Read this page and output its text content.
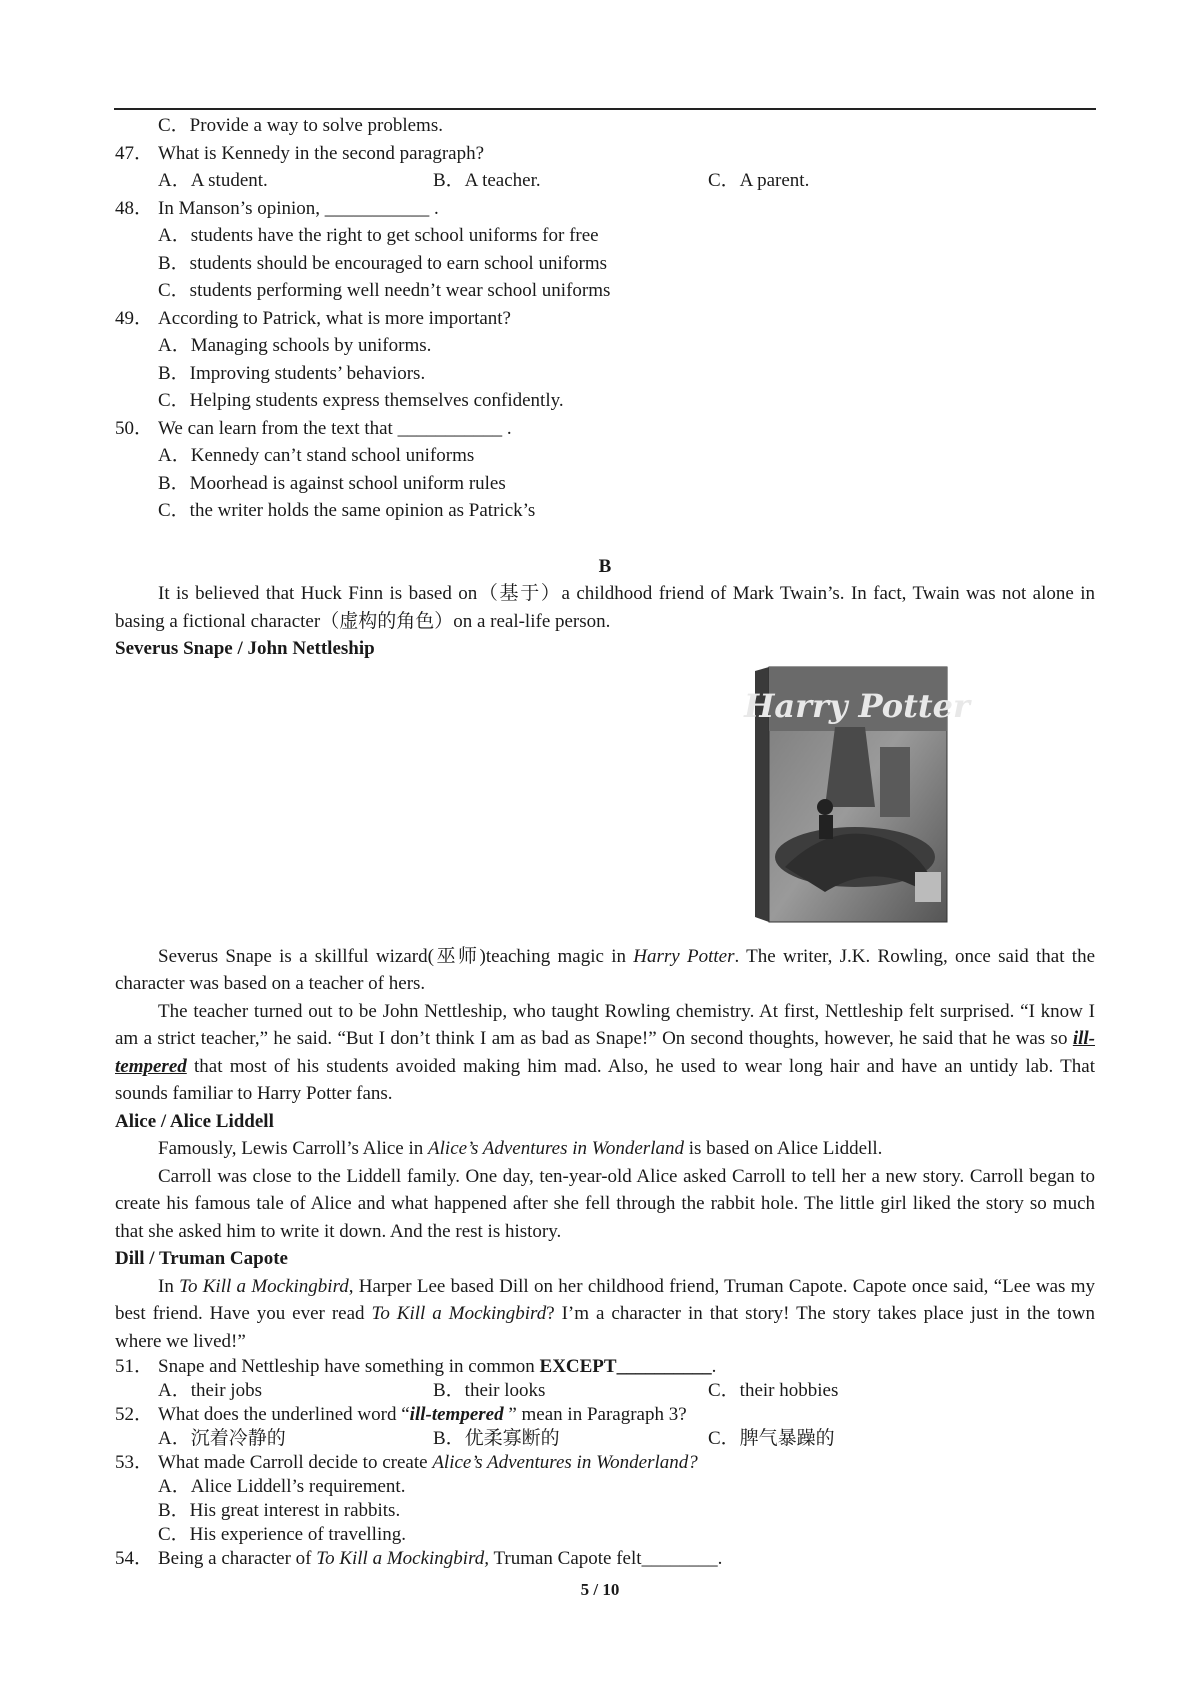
C．Provide a way to solve problems.
47． What is Kennedy in the second paragraph?
A．A student.	B．A teacher.	C．A parent.
48． In Manson’s opinion, ___________ .
A．students have the right to get school uniforms for free
B．students should be encouraged to earn school uniforms
C．students performing well needn’t wear school uniforms
49． According to Patrick, what is more important?
A．Managing schools by uniforms.
B．Improving students’ behaviors.
C．Helping students express themselves confidently.
50． We can learn from the text that ___________ .
A．Kennedy can’t stand school uniforms
B．Moorhead is against school uniform rules
C．the writer holds the same opinion as Patrick’s
B
It is believed that Huck Finn is based on（基于）a childhood friend of Mark Twain’s. In fact, Twain was not alone in basing a fictional character（虚构的角色）on a real-life person.
Severus Snape / John Nettleship
Harry Potter
Severus Snape is a skillful wizard(巫师)teaching magic in Harry Potter. The writer, J.K. Rowling, once said that the character was based on a teacher of hers.
The teacher turned out to be John Nettleship, who taught Rowling chemistry. At first, Nettleship felt surprised. “I know I am a strict teacher,” he said. “But I don’t think I am as bad as Snape!” On second thoughts, however, he said that he was so ill-tempered that most of his students avoided making him mad. Also, he used to wear long hair and have an untidy lab. That sounds familiar to Harry Potter fans.
Alice / Alice Liddell
Famously, Lewis Carroll’s Alice in Alice’s Adventures in Wonderland is based on Alice Liddell.
Carroll was close to the Liddell family. One day, ten-year-old Alice asked Carroll to tell her a new story. Carroll began to create his famous tale of Alice and what happened after she fell through the rabbit hole. The little girl liked the story so much that she asked him to write it down. And the rest is history.
Dill / Truman Capote
In To Kill a Mockingbird, Harper Lee based Dill on her childhood friend, Truman Capote. Capote once said, “Lee was my best friend. Have you ever read To Kill a Mockingbird? I’m a character in that story! The story takes place just in the town where we lived!”
51． Snape and Nettleship have something in common EXCEPT__________.
A．their jobs	B．their looks	C．their hobbies
52． What does the underlined word “ill-tempered ” mean in Paragraph 3?
A．沉着冷静的	B．优柔寡断的	C．脾气暴躁的
53． What made Carroll decide to create Alice’s Adventures in Wonderland?
A．Alice Liddell’s requirement.
B．His great interest in rabbits.
C．His experience of travelling.
54． Being a character of To Kill a Mockingbird, Truman Capote felt________.
5 / 10
